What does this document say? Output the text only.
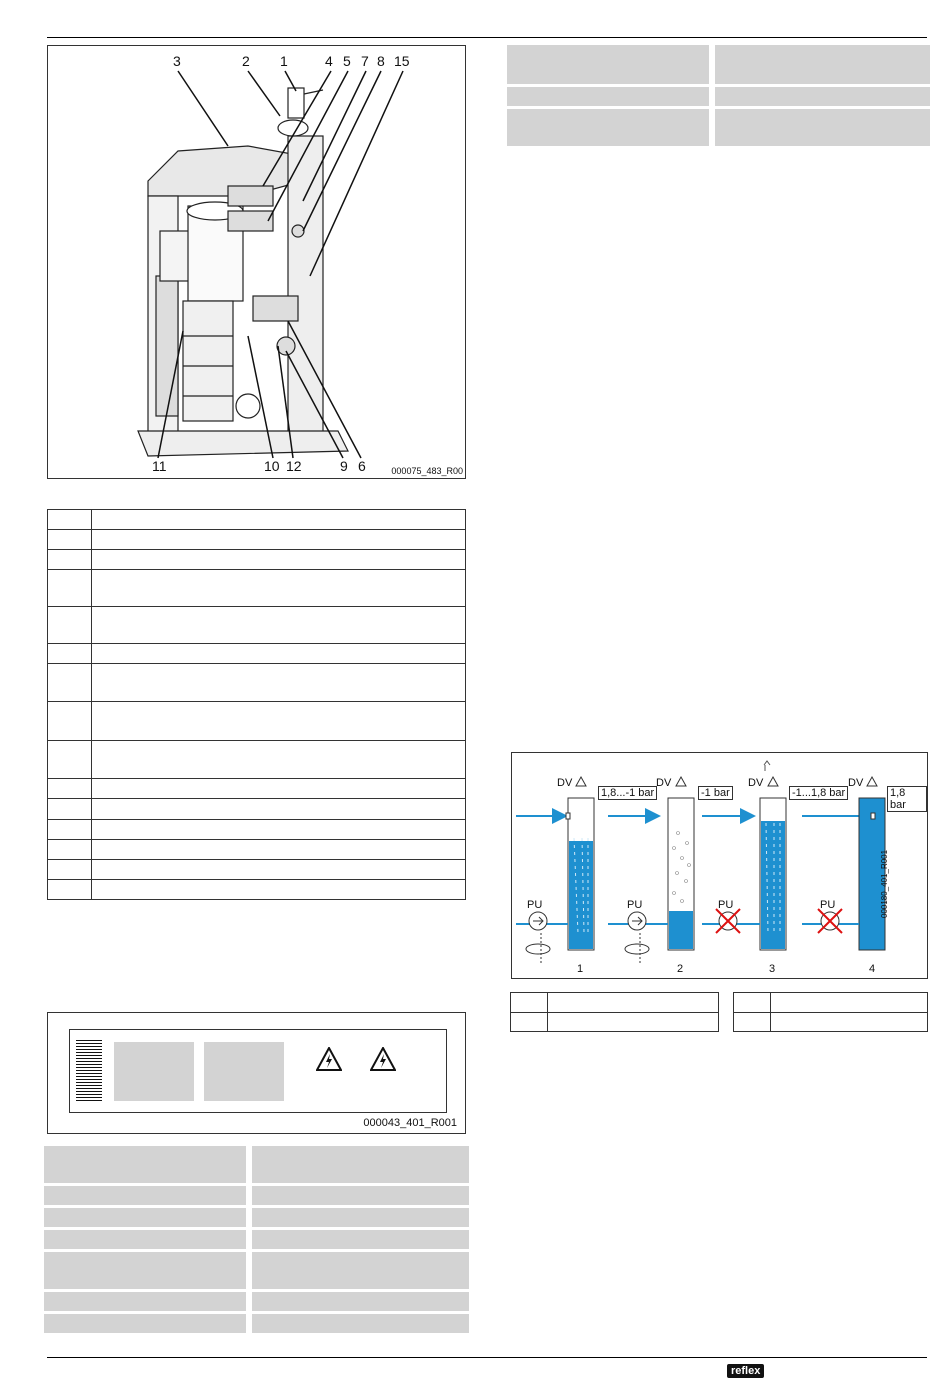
1
2
3	4 5 7 8 15
6
9
10
11	12	000075_483_R00

000043_401_R001

DV	DV	DV	DV
1,8...-1 bar	-1 bar	-1...1,8 bar	1,8 bar
PU	PU	PU	PU
1	2	3	4
000180_401_R001

reflex
